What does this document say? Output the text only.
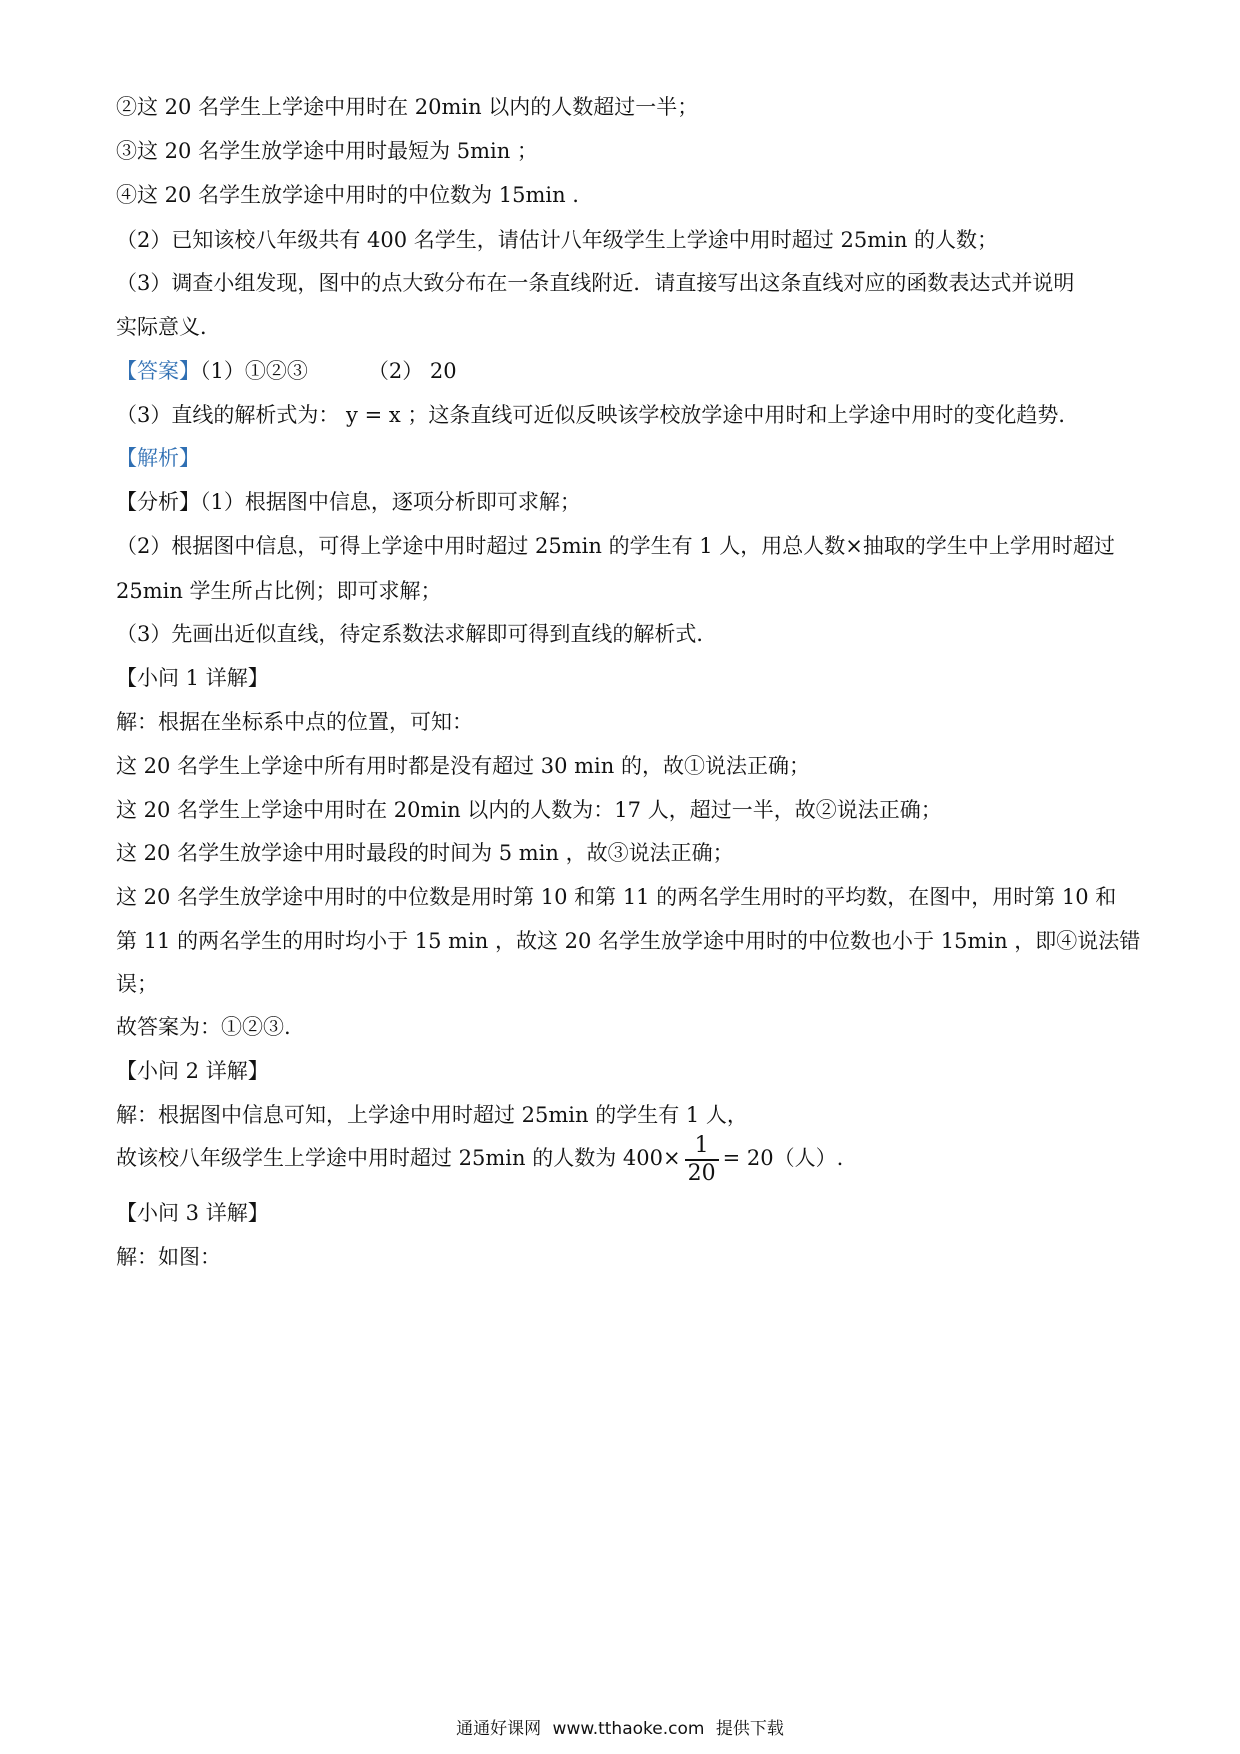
②这 20 名学生上学途中用时在 20min 以内的人数超过一半；
③这 20 名学生放学途中用时最短为 5min ；
④这 20 名学生放学途中用时的中位数为 15min .
（2）已知该校八年级共有 400 名学生，请估计八年级学生上学途中用时超过 25min 的人数；
（3）调查小组发现，图中的点大致分布在一条直线附近．请直接写出这条直线对应的函数表达式并说明
实际意义．
【答案】（1）①②③	（2） 20
（3）直线的解析式为： y = x ；这条直线可近似反映该学校放学途中用时和上学途中用时的变化趋势．
【解析】
【分析】（1）根据图中信息，逐项分析即可求解；
（2）根据图中信息，可得上学途中用时超过 25min 的学生有 1 人，用总人数×抽取的学生中上学用时超过
25min 学生所占比例；即可求解；
（3）先画出近似直线，待定系数法求解即可得到直线的解析式．
【小问 1 详解】
解：根据在坐标系中点的位置，可知：
这 20 名学生上学途中所有用时都是没有超过 30 min 的，故①说法正确；
这 20 名学生上学途中用时在 20min 以内的人数为：17 人，超过一半，故②说法正确；
这 20 名学生放学途中用时最段的时间为 5 min ，故③说法正确；
这 20 名学生放学途中用时的中位数是用时第 10 和第 11 的两名学生用时的平均数，在图中，用时第 10 和
第 11 的两名学生的用时均小于 15 min ，故这 20 名学生放学途中用时的中位数也小于 15min ，即④说法错
误；
故答案为：①②③.
【小问 2 详解】
解：根据图中信息可知，上学途中用时超过 25min 的学生有 1 人，
故该校八年级学生上学途中用时超过 25min 的人数为 $400\times \frac{1}{20} = 20$（人）.
【小问 3 详解】
解：如图：
通通好课网 www.tthaoke.com 提供下载
